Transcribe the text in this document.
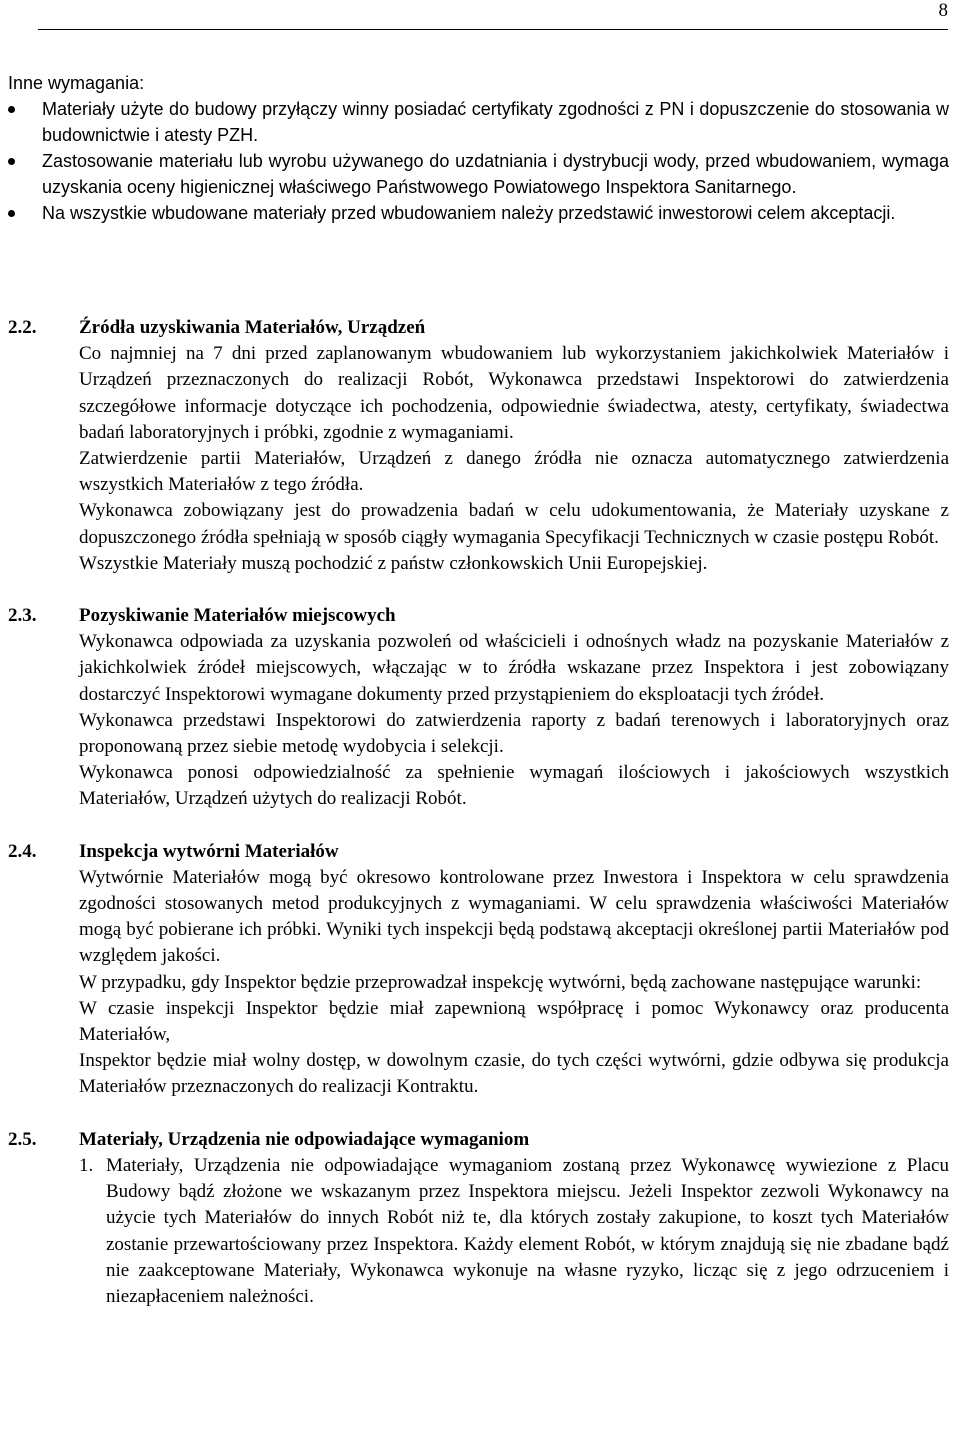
8

Inne wymagania:

Materiały użyte do budowy przyłączy winny posiadać certyfikaty zgodności z PN i dopuszczenie do stosowania w budownictwie i atesty PZH.
Zastosowanie materiału lub wyrobu używanego do uzdatniania i dystrybucji wody, przed wbudowaniem, wymaga uzyskania oceny higienicznej właściwego Państwowego Powiatowego Inspektora Sanitarnego.
Na wszystkie wbudowane materiały przed wbudowaniem należy przedstawić inwestorowi celem akceptacji.
2.2.	Źródła uzyskiwania Materiałów, Urządzeń

Co najmniej na 7 dni przed zaplanowanym wbudowaniem lub wykorzystaniem jakichkolwiek Materiałów i Urządzeń przeznaczonych do realizacji Robót, Wykonawca przedstawi Inspektorowi do zatwierdzenia szczegółowe informacje dotyczące ich pochodzenia, odpowiednie świadectwa, atesty, certyfikaty, świadectwa badań laboratoryjnych i próbki, zgodnie z wymaganiami.

Zatwierdzenie partii Materiałów, Urządzeń z danego źródła nie oznacza automatycznego zatwierdzenia wszystkich Materiałów z tego źródła.

Wykonawca zobowiązany jest do prowadzenia badań w celu udokumentowania, że Materiały uzyskane z dopuszczonego źródła spełniają w sposób ciągły wymagania Specyfikacji Technicznych w czasie postępu Robót.

Wszystkie Materiały muszą pochodzić z państw członkowskich Unii Europejskiej.

2.3.	Pozyskiwanie Materiałów miejscowych

Wykonawca odpowiada za uzyskania pozwoleń od właścicieli i odnośnych władz na pozyskanie Materiałów z jakichkolwiek źródeł miejscowych, włączając w to źródła wskazane przez Inspektora i jest zobowiązany dostarczyć Inspektorowi wymagane dokumenty przed przystąpieniem do eksploatacji tych źródeł.

Wykonawca przedstawi Inspektorowi do zatwierdzenia raporty z badań terenowych i laboratoryjnych oraz proponowaną przez siebie metodę wydobycia i selekcji.

Wykonawca ponosi odpowiedzialność za spełnienie wymagań ilościowych i jakościowych wszystkich Materiałów, Urządzeń użytych do realizacji Robót.

2.4.	Inspekcja wytwórni Materiałów

Wytwórnie Materiałów mogą być okresowo kontrolowane przez Inwestora i Inspektora w celu sprawdzenia zgodności stosowanych metod produkcyjnych z wymaganiami. W celu sprawdzenia właściwości Materiałów mogą być pobierane ich próbki. Wyniki tych inspekcji będą podstawą akceptacji określonej partii Materiałów pod względem jakości.

W przypadku, gdy Inspektor będzie przeprowadzał inspekcję wytwórni, będą zachowane następujące warunki:

W czasie inspekcji Inspektor będzie miał zapewnioną współpracę i pomoc Wykonawcy oraz producenta Materiałów,

Inspektor będzie miał wolny dostęp, w dowolnym czasie, do tych części wytwórni, gdzie odbywa się produkcja Materiałów przeznaczonych do realizacji Kontraktu.

2.5.	Materiały, Urządzenia nie odpowiadające wymaganiom
1. Materiały, Urządzenia nie odpowiadające wymaganiom zostaną przez Wykonawcę wywiezione z Placu Budowy bądź złożone we wskazanym przez Inspektora miejscu. Jeżeli Inspektor zezwoli Wykonawcy na użycie tych Materiałów do innych Robót niż te, dla których zostały zakupione, to koszt tych Materiałów zostanie przewartościowany przez Inspektora. Każdy element Robót, w którym znajdują się nie zbadane bądź nie zaakceptowane Materiały, Wykonawca wykonuje na własne ryzyko, licząc się z jego odrzuceniem i niezapłaceniem należności.
